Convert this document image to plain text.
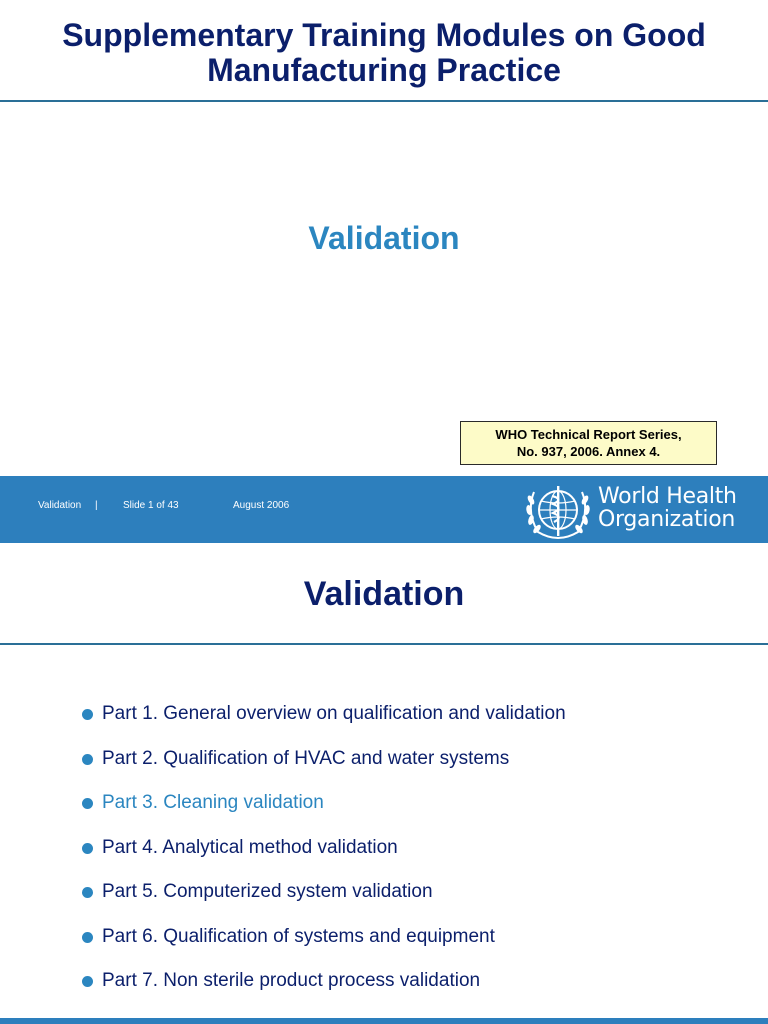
Supplementary Training Modules on Good Manufacturing Practice
Validation
WHO Technical Report Series,
No. 937, 2006. Annex 4.
Validation |	Slide 1 of 43	August 2006	World Health
Organization
Validation
Part 1. General overview on qualification and validation
Part 2. Qualification of HVAC and water systems
Part 3. Cleaning validation
Part 4. Analytical method validation
Part 5. Computerized system validation
Part 6. Qualification of systems and equipment
Part 7. Non sterile product process validation
